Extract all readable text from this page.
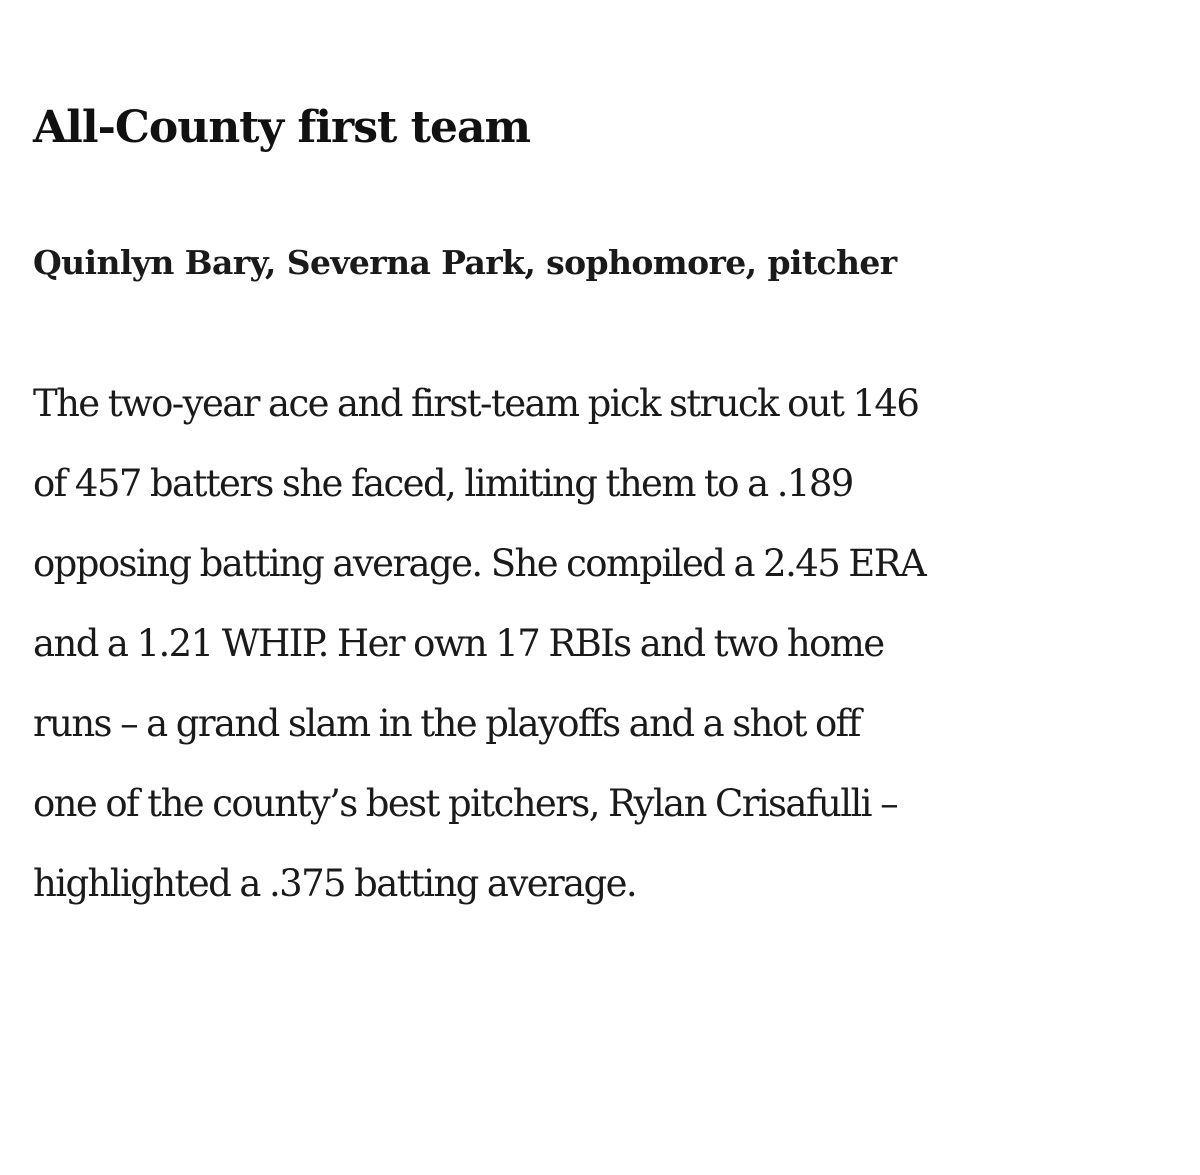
All-County first team
Quinlyn Bary, Severna Park, sophomore, pitcher

The two-year ace and first-team pick struck out 146
of 457 batters she faced, limiting them to a .189
opposing batting average. She compiled a 2.45 ERA
and a 1.21 WHIP. Her own 17 RBIs and two home
runs – a grand slam in the playoffs and a shot off
one of the county’s best pitchers, Rylan Crisafulli –
highlighted a .375 batting average.
